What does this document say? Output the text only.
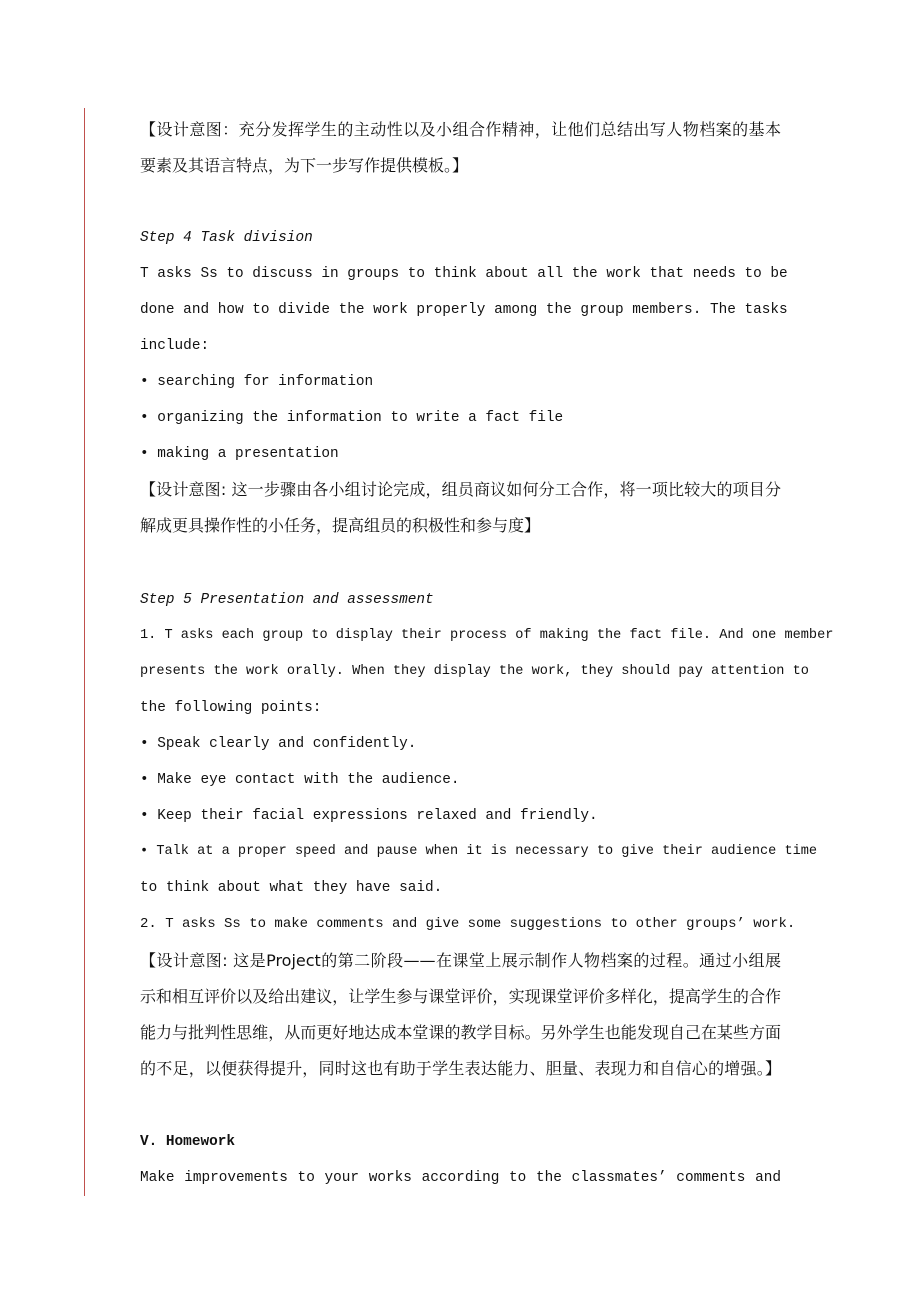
【设计意图：充分发挥学生的主动性以及小组合作精神，让他们总结出写人物档案的基本
要素及其语言特点，为下一步写作提供模板。】
Step 4 Task division
T asks Ss to discuss in groups to think about all the work that needs to be
done and how to divide the work properly among the group members. The tasks
include:
• searching for information
• organizing the information to write a fact file
• making a presentation
【设计意图: 这一步骤由各小组讨论完成，组员商议如何分工合作，将一项比较大的项目分
解成更具操作性的小任务，提高组员的积极性和参与度】
Step 5 Presentation and assessment
1. T asks each group to display their process of making the fact file. And one member
presents the work orally. When they display the work, they should pay attention to
the following points:
• Speak clearly and confidently.
• Make eye contact with the audience.
• Keep their facial expressions relaxed and friendly.
• Talk at a proper speed and pause when it is necessary to give their audience time
to think about what they have said.
2. T asks Ss to make comments and give some suggestions to other groups’ work.
【设计意图: 这是Project的第二阶段——在课堂上展示制作人物档案的过程。通过小组展
示和相互评价以及给出建议，让学生参与课堂评价，实现课堂评价多样化，提高学生的合作
能力与批判性思维，从而更好地达成本堂课的教学目标。另外学生也能发现自己在某些方面
的不足，以便获得提升，同时这也有助于学生表达能力、胆量、表现力和自信心的增强。】
V. Homework
Make improvements to your works according to the classmates’ comments and
